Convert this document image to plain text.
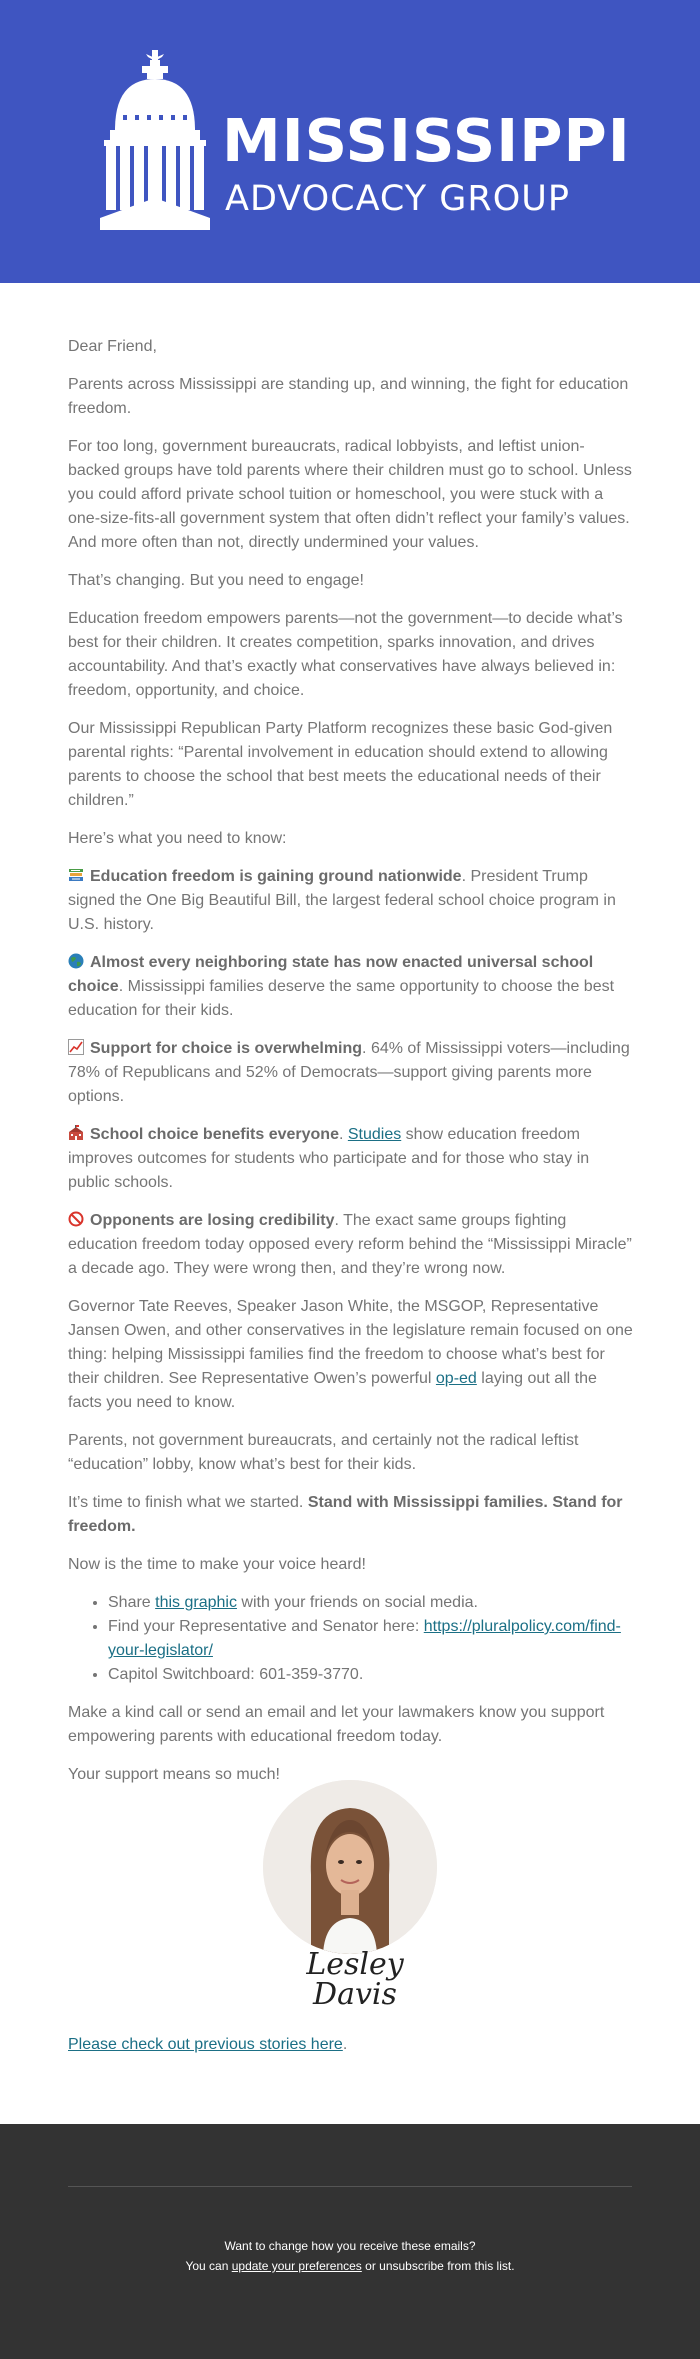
MISSISSIPPI
ADVOCACY GROUP

Dear Friend,

Parents across Mississippi are standing up, and winning, the fight for education freedom.

For too long, government bureaucrats, radical lobbyists, and leftist union-backed groups have told parents where their children must go to school. Unless you could afford private school tuition or homeschool, you were stuck with a one-size-fits-all government system that often didn’t reflect your family’s values. And more often than not, directly undermined your values.

That’s changing. But you need to engage!

Education freedom empowers parents—not the government—to decide what’s best for their children. It creates competition, sparks innovation, and drives accountability. And that’s exactly what conservatives have always believed in: freedom, opportunity, and choice.

Our Mississippi Republican Party Platform recognizes these basic God-given parental rights: “Parental involvement in education should extend to allowing parents to choose the school that best meets the educational needs of their children.”

Here’s what you need to know:

Education freedom is gaining ground nationwide. President Trump signed the One Big Beautiful Bill, the largest federal school choice program in U.S. history.

Almost every neighboring state has now enacted universal school choice. Mississippi families deserve the same opportunity to choose the best education for their kids.

Support for choice is overwhelming. 64% of Mississippi voters—including 78% of Republicans and 52% of Democrats—support giving parents more options.

School choice benefits everyone. Studies show education freedom improves outcomes for students who participate and for those who stay in public schools.

Opponents are losing credibility. The exact same groups fighting education freedom today opposed every reform behind the “Mississippi Miracle” a decade ago. They were wrong then, and they’re wrong now.

Governor Tate Reeves, Speaker Jason White, the MSGOP, Representative Jansen Owen, and other conservatives in the legislature remain focused on one thing: helping Mississippi families find the freedom to choose what’s best for their children. See Representative Owen’s powerful op-ed laying out all the facts you need to know.

Parents, not government bureaucrats, and certainly not the radical leftist “education” lobby, know what’s best for their kids.

It’s time to finish what we started. Stand with Mississippi families. Stand for freedom.

Now is the time to make your voice heard!

• Share this graphic with your friends on social media.
• Find your Representative and Senator here: https://pluralpolicy.com/find-your-legislator/
• Capitol Switchboard: 601-359-3770.

Make a kind call or send an email and let your lawmakers know you support empowering parents with educational freedom today.

Your support means so much!

Lesley Davis
Please check out previous stories here.
Want to change how you receive these emails?
You can update your preferences or unsubscribe from this list.
